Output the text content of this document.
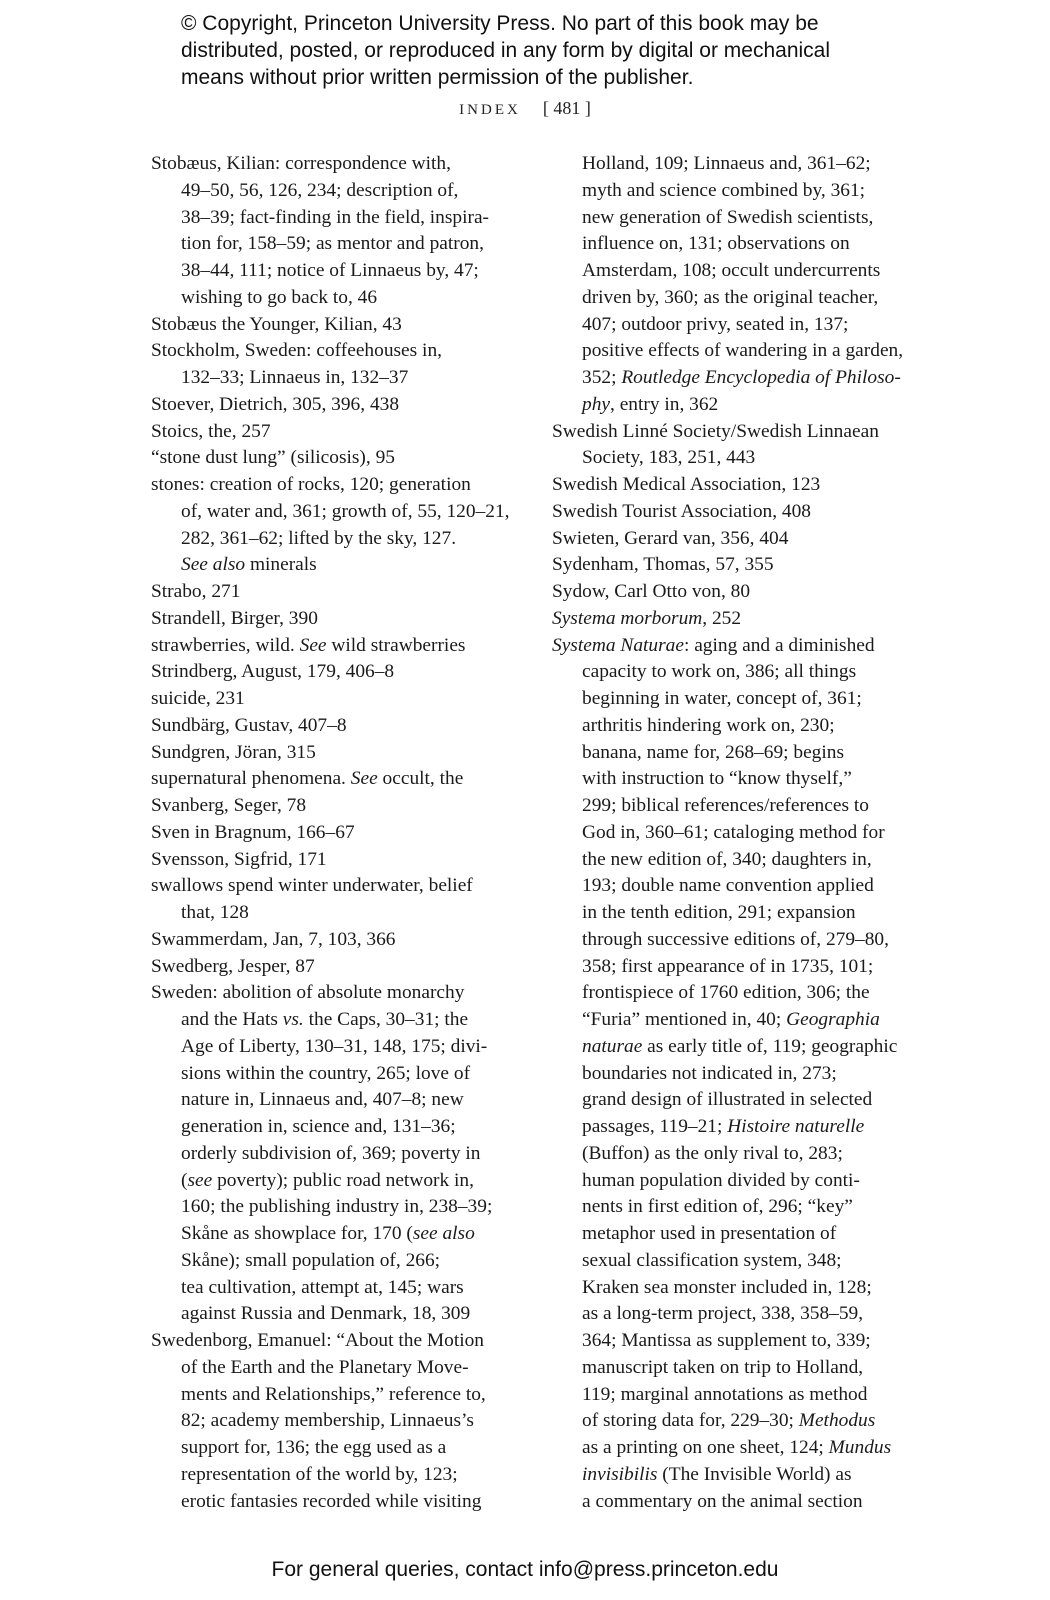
© Copyright, Princeton University Press. No part of this book may be
distributed, posted, or reproduced in any form by digital or mechanical
means without prior written permission of the publisher.
INDEX [ 481 ]
Stobæus, Kilian: correspondence with,
49–50, 56, 126, 234; description of,
38–39; fact-finding in the field, inspira-
tion for, 158–59; as mentor and patron,
38–44, 111; notice of Linnaeus by, 47;
wishing to go back to, 46
Stobæus the Younger, Kilian, 43
Stockholm, Sweden: coffeehouses in,
132–33; Linnaeus in, 132–37
Stoever, Dietrich, 305, 396, 438
Stoics, the, 257
“stone dust lung” (silicosis), 95
stones: creation of rocks, 120; generation
of, water and, 361; growth of, 55, 120–21,
282, 361–62; lifted by the sky, 127.
See also minerals
Strabo, 271
Strandell, Birger, 390
strawberries, wild. See wild strawberries
Strindberg, August, 179, 406–8
suicide, 231
Sundbärg, Gustav, 407–8
Sundgren, Jöran, 315
supernatural phenomena. See occult, the
Svanberg, Seger, 78
Sven in Bragnum, 166–67
Svensson, Sigfrid, 171
swallows spend winter underwater, belief
that, 128
Swammerdam, Jan, 7, 103, 366
Swedberg, Jesper, 87
Sweden: abolition of absolute monarchy
and the Hats vs. the Caps, 30–31; the
Age of Liberty, 130–31, 148, 175; divi-
sions within the country, 265; love of
nature in, Linnaeus and, 407–8; new
generation in, science and, 131–36;
orderly subdivision of, 369; poverty in
(see poverty); public road network in,
160; the publishing industry in, 238–39;
Skåne as showplace for, 170 (see also
Skåne); small population of, 266;
tea cultivation, attempt at, 145; wars
against Russia and Denmark, 18, 309
Swedenborg, Emanuel: “About the Motion
of the Earth and the Planetary Move-
ments and Relationships,” reference to,
82; academy membership, Linnaeus’s
support for, 136; the egg used as a
representation of the world by, 123;
erotic fantasies recorded while visiting
Holland, 109; Linnaeus and, 361–62;
myth and science combined by, 361;
new generation of Swedish scientists,
influence on, 131; observations on
Amsterdam, 108; occult undercurrents
driven by, 360; as the original teacher,
407; outdoor privy, seated in, 137;
positive effects of wandering in a garden,
352; Routledge Encyclopedia of Philoso-
phy, entry in, 362
Swedish Linné Society/Swedish Linnaean
Society, 183, 251, 443
Swedish Medical Association, 123
Swedish Tourist Association, 408
Swieten, Gerard van, 356, 404
Sydenham, Thomas, 57, 355
Sydow, Carl Otto von, 80
Systema morborum, 252
Systema Naturae: aging and a diminished
capacity to work on, 386; all things
beginning in water, concept of, 361;
arthritis hindering work on, 230;
banana, name for, 268–69; begins
with instruction to “know thyself,”
299; biblical references/references to
God in, 360–61; cataloging method for
the new edition of, 340; daughters in,
193; double name convention applied
in the tenth edition, 291; expansion
through successive editions of, 279–80,
358; first appearance of in 1735, 101;
frontispiece of 1760 edition, 306; the
“Furia” mentioned in, 40; Geographia
naturae as early title of, 119; geographic
boundaries not indicated in, 273;
grand design of illustrated in selected
passages, 119–21; Histoire naturelle
(Buffon) as the only rival to, 283;
human population divided by conti-
nents in first edition of, 296; “key”
metaphor used in presentation of
sexual classification system, 348;
Kraken sea monster included in, 128;
as a long-term project, 338, 358–59,
364; Mantissa as supplement to, 339;
manuscript taken on trip to Holland,
119; marginal annotations as method
of storing data for, 229–30; Methodus
as a printing on one sheet, 124; Mundus
invisibilis (The Invisible World) as
a commentary on the animal section
For general queries, contact info@press.princeton.edu
